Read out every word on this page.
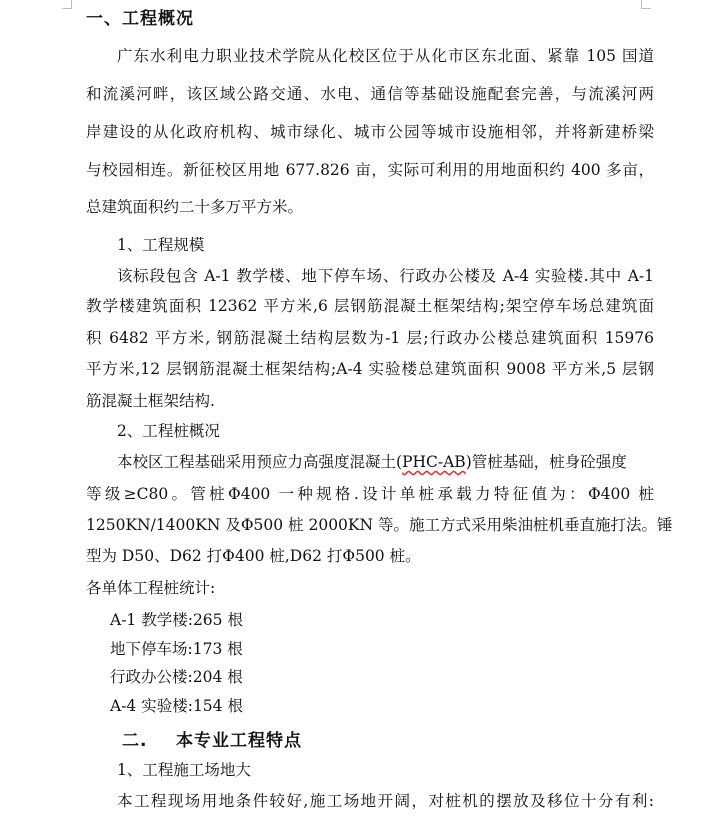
一、工程概况
广东水利电力职业技术学院从化校区位于从化市区东北面、紧靠 105 国道
和流溪河畔，该区域公路交通、水电、通信等基础设施配套完善，与流溪河两
岸建设的从化政府机构、城市绿化、城市公园等城市设施相邻，并将新建桥梁
与校园相连。新征校区用地 677.826 亩，实际可利用的用地面积约 400 多亩，
总建筑面积约二十多万平方米。
1、工程规模
该标段包含 A-1 教学楼、地下停车场、行政办公楼及 A-4 实验楼.其中 A-1
教学楼建筑面积 12362 平方米,6 层钢筋混凝土框架结构;架空停车场总建筑面
积 6482 平方米, 钢筋混凝土结构层数为-1 层;行政办公楼总建筑面积 15976
平方米,12 层钢筋混凝土框架结构;A-4 实验楼总建筑面积 9008 平方米,5 层钢
筋混凝土框架结构.
2、工程桩概况
本校区工程基础采用预应力高强度混凝土(PHC-AB)管桩基础，桩身砼强度
等级≥C80。管桩Φ400 一种规格.设计单桩承载力特征值为：Φ400 桩
1250KN/1400KN 及Φ500 桩 2000KN 等。施工方式采用柴油桩机垂直施打法。锤
型为 D50、D62 打Φ400 桩,D62 打Φ500 桩。
各单体工程桩统计:
A-1 教学楼:265 根
地下停车场:173 根
行政办公楼:204 根
A-4 实验楼:154 根
二. 本专业工程特点
1、工程施工场地大
本工程现场用地条件较好,施工场地开阔，对桩机的摆放及移位十分有利:
